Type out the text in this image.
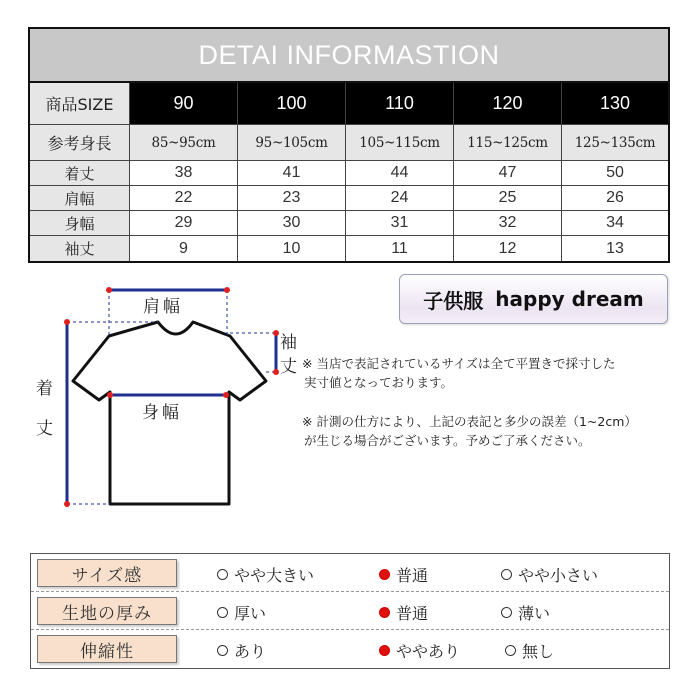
DETAI INFORMASTION
商品SIZE	90	100	110	120	130
参考身長	85~95cm	95~105cm	105~115cm	115~125cm	125~135cm
着丈	38	41	44	47	50
肩幅	22	23	24	25	26
身幅	29	30	31	32	34
袖丈	9	10	11	12	13
肩幅
身幅
着
丈
袖
丈
子供服 happy dream
※ 当店で表記されているサイズは全て平置きで採寸した
実寸値となっております。
※ 計測の仕方により、上記の表記と多少の誤差（1~2cm）
が生じる場合がございます。予めご了承ください。
サイズ感	やや大きい	普通	やや小さい
生地の厚み	厚い	普通	薄い
伸縮性	あり	ややあり	無し
